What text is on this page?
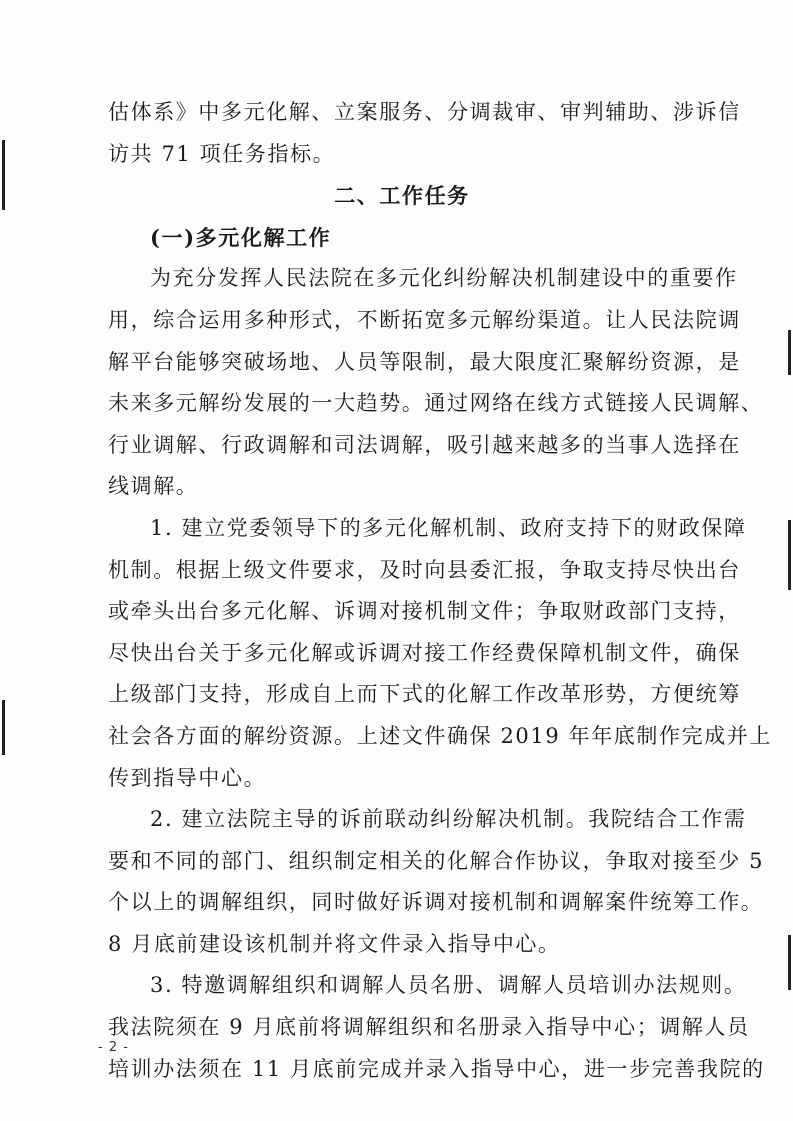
估体系》中多元化解、立案服务、分调裁审、审判辅助、涉诉信
访共 71 项任务指标。
二、工作任务
(一)多元化解工作
为充分发挥人民法院在多元化纠纷解决机制建设中的重要作
用，综合运用多种形式，不断拓宽多元解纷渠道。让人民法院调
解平台能够突破场地、人员等限制，最大限度汇聚解纷资源，是
未来多元解纷发展的一大趋势。通过网络在线方式链接人民调解、
行业调解、行政调解和司法调解，吸引越来越多的当事人选择在
线调解。
1. 建立党委领导下的多元化解机制、政府支持下的财政保障
机制。根据上级文件要求，及时向县委汇报，争取支持尽快出台
或牵头出台多元化解、诉调对接机制文件；争取财政部门支持，
尽快出台关于多元化解或诉调对接工作经费保障机制文件，确保
上级部门支持，形成自上而下式的化解工作改革形势，方便统筹
社会各方面的解纷资源。上述文件确保 2019 年年底制作完成并上
传到指导中心。
2. 建立法院主导的诉前联动纠纷解决机制。我院结合工作需
要和不同的部门、组织制定相关的化解合作协议，争取对接至少 5
个以上的调解组织，同时做好诉调对接机制和调解案件统筹工作。
8 月底前建设该机制并将文件录入指导中心。
3. 特邀调解组织和调解人员名册、调解人员培训办法规则。
我法院须在 9 月底前将调解组织和名册录入指导中心；调解人员
培训办法须在 11 月底前完成并录入指导中心，进一步完善我院的
- 2 -
